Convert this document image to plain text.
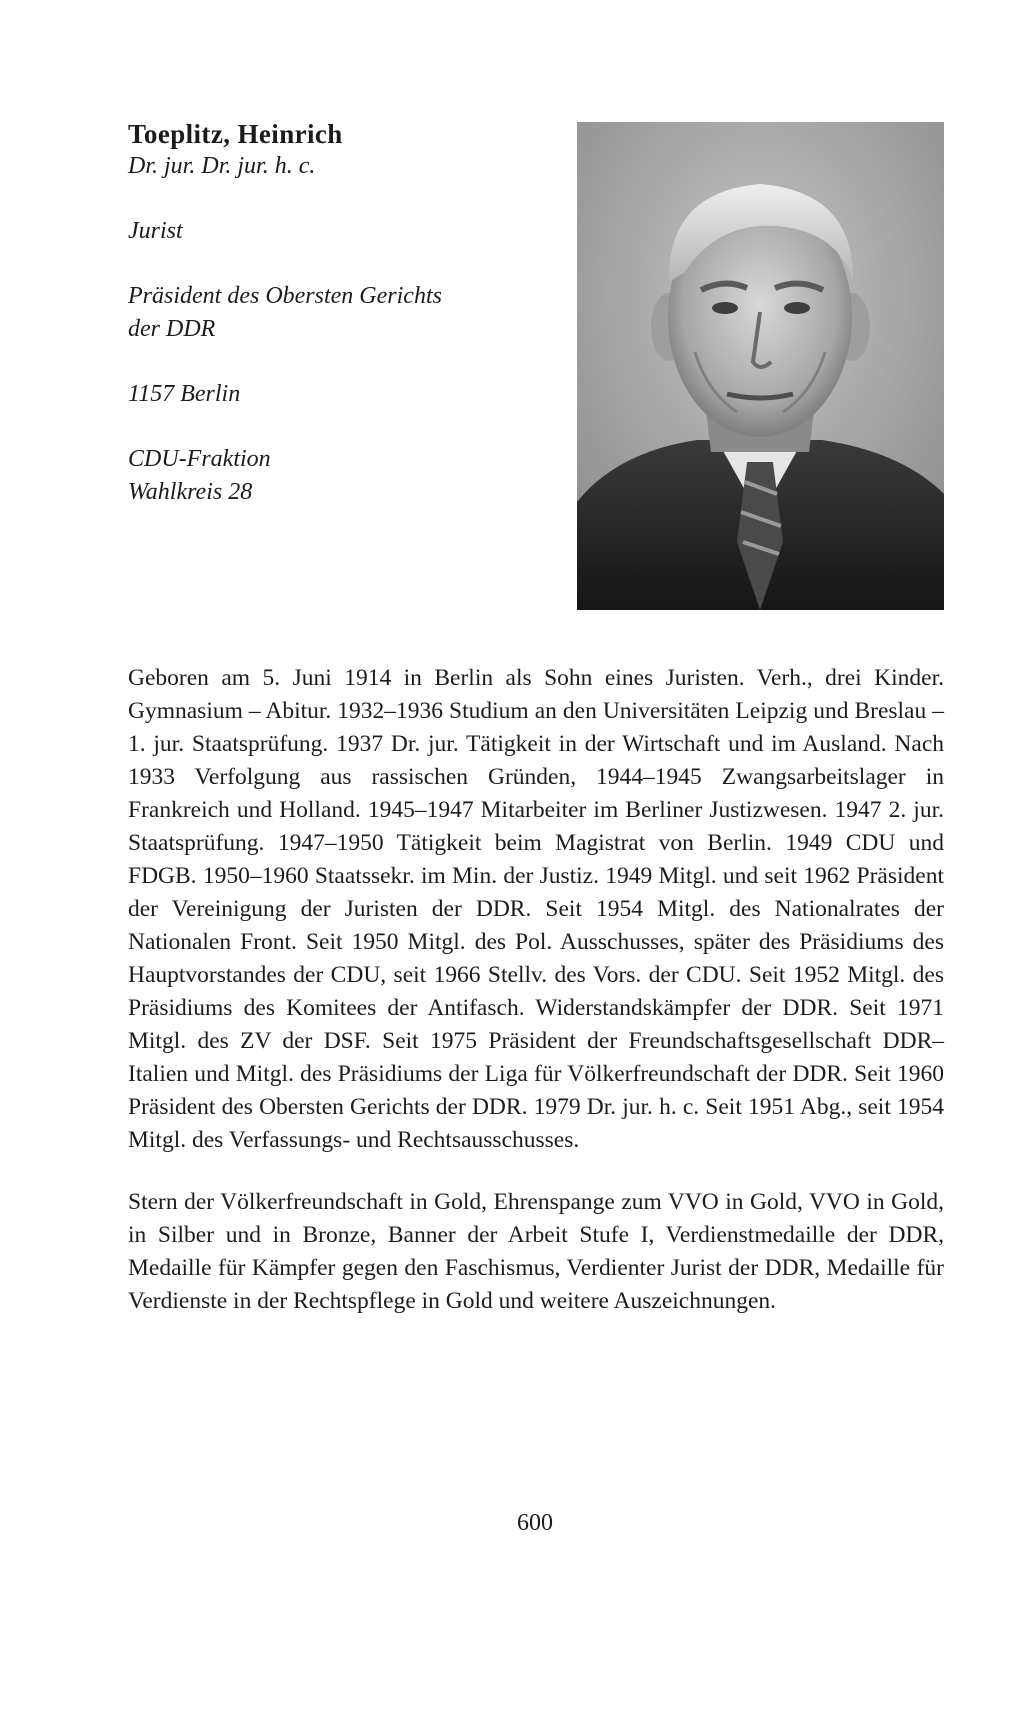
Toeplitz, Heinrich

Dr. jur. Dr. jur. h. c.

Jurist

Präsident des Obersten Gerichts

der DDR

1157 Berlin

CDU-Fraktion

Wahlkreis 28

Geboren am 5. Juni 1914 in Berlin als Sohn eines Juristen. Verh., drei Kinder. Gymnasium – Abitur. 1932–1936 Studium an den Universitäten Leipzig und Breslau – 1. jur. Staatsprüfung. 1937 Dr. jur. Tätigkeit in der Wirtschaft und im Ausland. Nach 1933 Verfolgung aus rassischen Gründen, 1944–1945 Zwangsarbeitslager in Frankreich und Holland. 1945–1947 Mitarbeiter im Berliner Justizwesen. 1947 2. jur. Staatsprüfung. 1947–1950 Tätigkeit beim Magistrat von Berlin. 1949 CDU und FDGB. 1950–1960 Staatssekr. im Min. der Justiz. 1949 Mitgl. und seit 1962 Präsident der Vereinigung der Juristen der DDR. Seit 1954 Mitgl. des Nationalrates der Nationalen Front. Seit 1950 Mitgl. des Pol. Ausschusses, später des Präsidiums des Hauptvorstandes der CDU, seit 1966 Stellv. des Vors. der CDU. Seit 1952 Mitgl. des Präsidiums des Komitees der Antifasch. Widerstandskämpfer der DDR. Seit 1971 Mitgl. des ZV der DSF. Seit 1975 Präsident der Freundschaftsgesellschaft DDR–Italien und Mitgl. des Präsidiums der Liga für Völkerfreundschaft der DDR. Seit 1960 Präsident des Obersten Gerichts der DDR. 1979 Dr. jur. h. c. Seit 1951 Abg., seit 1954 Mitgl. des Verfassungs- und Rechtsausschusses.

Stern der Völkerfreundschaft in Gold, Ehrenspange zum VVO in Gold, VVO in Gold, in Silber und in Bronze, Banner der Arbeit Stufe I, Verdienstmedaille der DDR, Medaille für Kämpfer gegen den Faschismus, Verdienter Jurist der DDR, Medaille für Verdienste in der Rechtspflege in Gold und weitere Auszeichnungen.

600
